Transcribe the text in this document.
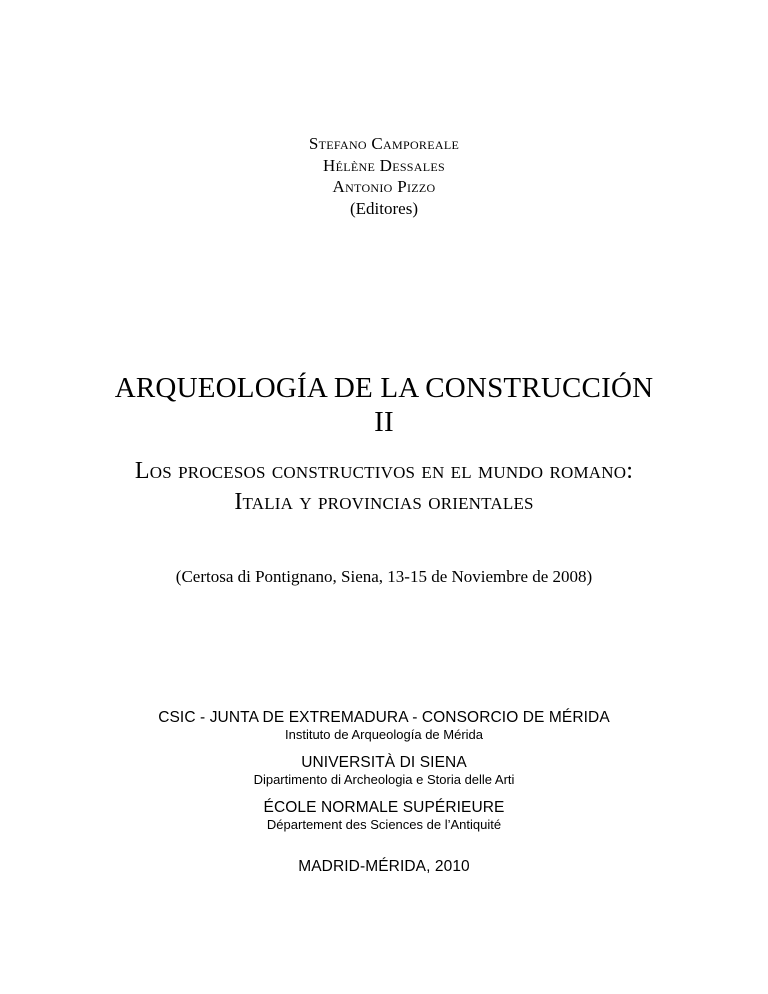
Stefano Camporeale
Hélène Dessales
Antonio Pizzo
(Editores)
ARQUEOLOGÍA DE LA CONSTRUCCIÓN
II
Los procesos constructivos en el mundo romano:
Italia y provincias orientales
(Certosa di Pontignano, Siena, 13-15 de Noviembre de 2008)
CSIC - JUNTA DE EXTREMADURA - CONSORCIO DE MÉRIDA
Instituto de Arqueología de Mérida
UNIVERSITÀ DI SIENA
Dipartimento di Archeologia e Storia delle Arti
ÉCOLE NORMALE SUPÉRIEURE
Département des Sciences de l’Antiquité
MADRID-MÉRIDA, 2010
